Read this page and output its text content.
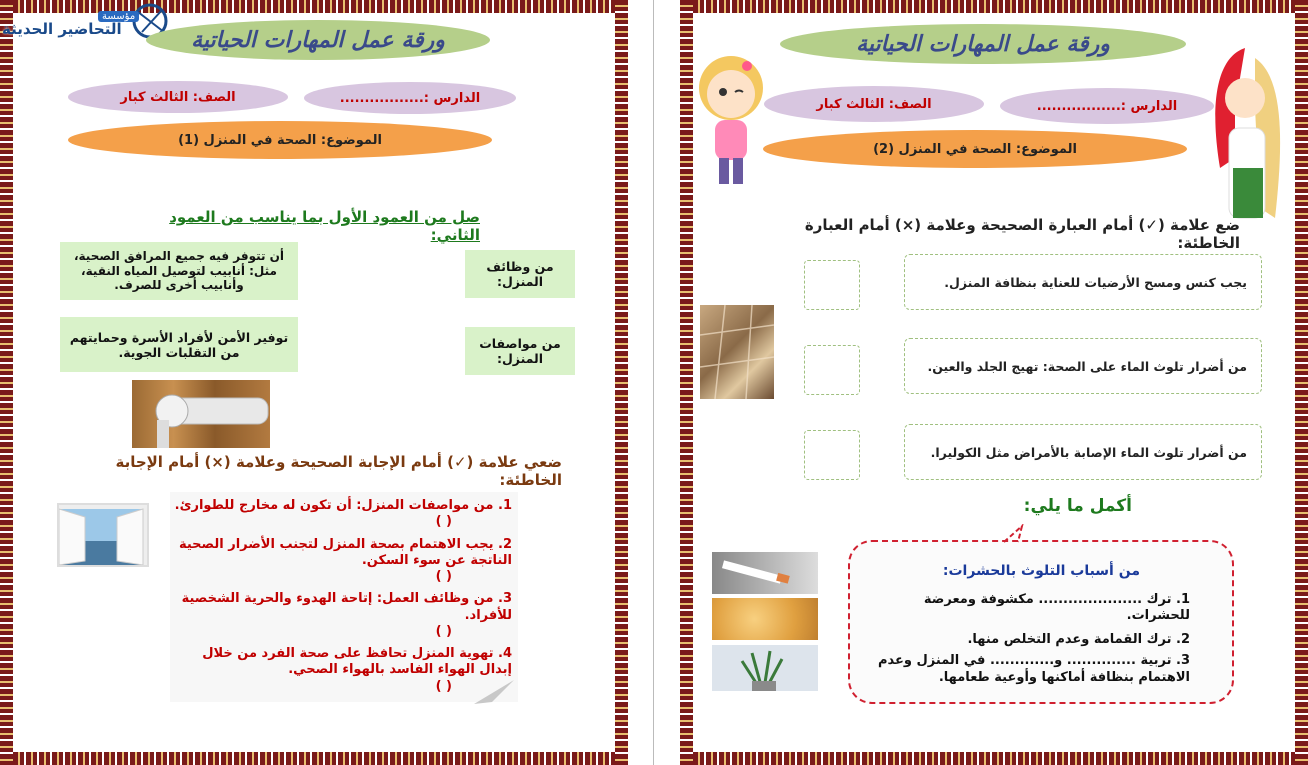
مؤسسة
التحاضير الحديثة	ورقة عمل المهارات الحياتية
الدارس :.................
الصف: الثالث كبار
الموضوع: الصحة في المنزل (1)
صل من العمود الأول بما يناسب من العمود الثاني:
من وظائف المنزل:
من مواصفات المنزل:
أن تتوفر فيه جميع المرافق الصحية، مثل: أنابيب لتوصيل المياه النقية، وأنابيب أخرى للصرف.
توفير الأمن لأفراد الأسرة وحمايتهم من التقلبات الجوية.
ضعي علامة (✓) أمام الإجابة الصحيحة وعلامة (×) أمام الإجابة الخاطئة:
1. من مواصفات المنزل: أن تكون له مخارج للطوارئ.
( )
2. يجب الاهتمام بصحة المنزل لتجنب الأضرار الصحية الناتجة عن سوء السكن.
( )
3. من وظائف العمل: إتاحة الهدوء والحرية الشخصية للأفراد.
( )
4. تهوية المنزل تحافظ على صحة الفرد من خلال إبدال الهواء الفاسد بالهواء الصحي.
( )
ورقة عمل المهارات الحياتية
الدارس :.................
الصف: الثالث كبار
الموضوع: الصحة في المنزل (2)
ضع علامة (✓) أمام العبارة الصحيحة وعلامة (×) أمام العبارة الخاطئة:
يجب كنس ومسح الأرضيات للعناية بنظافة المنزل.
من أضرار تلوث الماء على الصحة: تهيج الجلد والعين.
من أضرار تلوث الماء الإصابة بالأمراض مثل الكوليرا.
أكمل ما يلي:
من أسباب التلوث بالحشرات:
1. ترك ..................... مكشوفة ومعرضة للحشرات.
2. ترك القمامة وعدم التخلص منها.
3. تربية .............. و............. في المنزل وعدم الاهتمام بنظافة أماكنها وأوعية طعامها.
